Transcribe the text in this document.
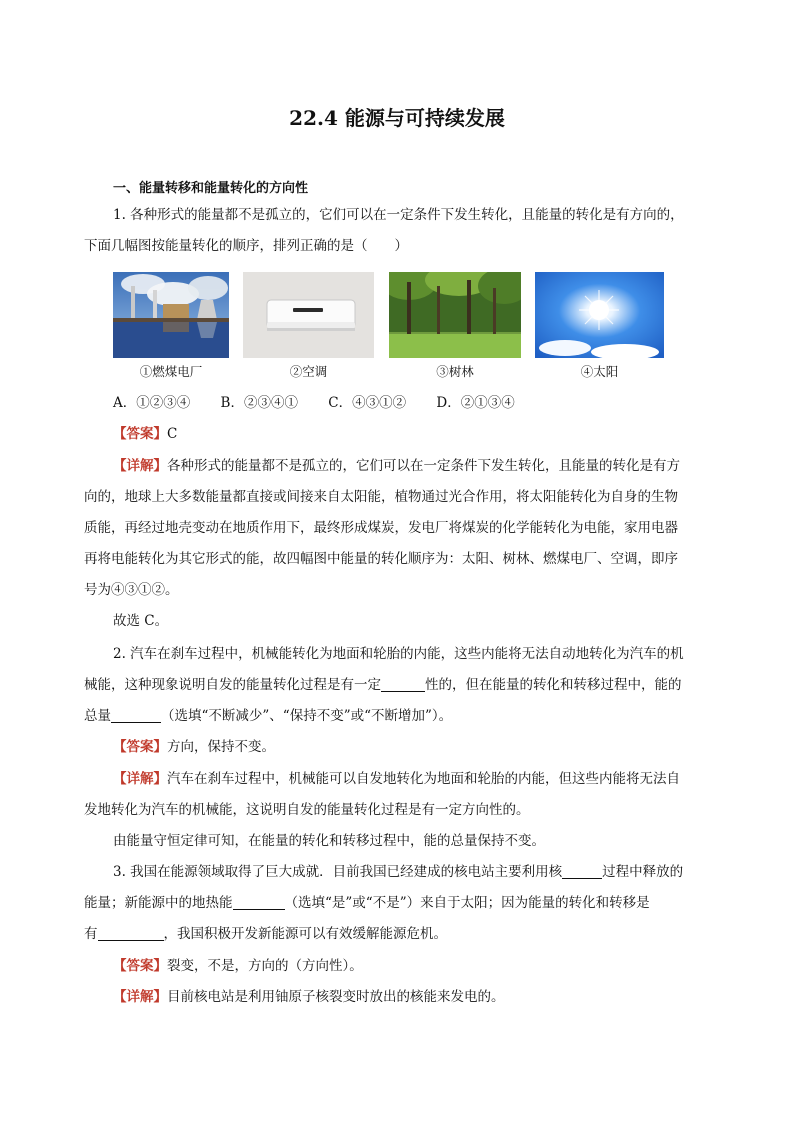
22.4 能源与可持续发展
一、能量转移和能量转化的方向性
1. 各种形式的能量都不是孤立的，它们可以在一定条件下发生转化，且能量的转化是有方向的，
下面几幅图按能量转化的顺序，排列正确的是（　　）
①燃煤电厂	②空调	③树林	④太阳
A．①②③④ B．②③④① C．④③①② D．②①③④
【答案】C
【详解】各种形式的能量都不是孤立的，它们可以在一定条件下发生转化，且能量的转化是有方
向的，地球上大多数能量都直接或间接来自太阳能，植物通过光合作用，将太阳能转化为自身的生物
质能，再经过地壳变动在地质作用下，最终形成煤炭，发电厂将煤炭的化学能转化为电能，家用电器
再将电能转化为其它形式的能，故四幅图中能量的转化顺序为：太阳、树林、燃煤电厂、空调，即序
号为④③①②。
故选 C。
2. 汽车在刹车过程中，机械能转化为地面和轮胎的内能，这些内能将无法自动地转化为汽车的机
械能，这种现象说明自发的能量转化过程是有一定	性的，但在能量的转化和转移过程中，能的
总量	（选填“不断减少”、“保持不变”或“不断增加”）。
【答案】方向，保持不变。
【详解】汽车在刹车过程中，机械能可以自发地转化为地面和轮胎的内能，但这些内能将无法自
发地转化为汽车的机械能，这说明自发的能量转化过程是有一定方向性的。
由能量守恒定律可知，在能量的转化和转移过程中，能的总量保持不变。
3. 我国在能源领域取得了巨大成就．目前我国已经建成的核电站主要利用核	过程中释放的
能量；新能源中的地热能	（选填“是”或“不是”）来自于太阳；因为能量的转化和转移是
有	，我国积极开发新能源可以有效缓解能源危机。
【答案】裂变，不是，方向的（方向性）。
【详解】目前核电站是利用铀原子核裂变时放出的核能来发电的。
